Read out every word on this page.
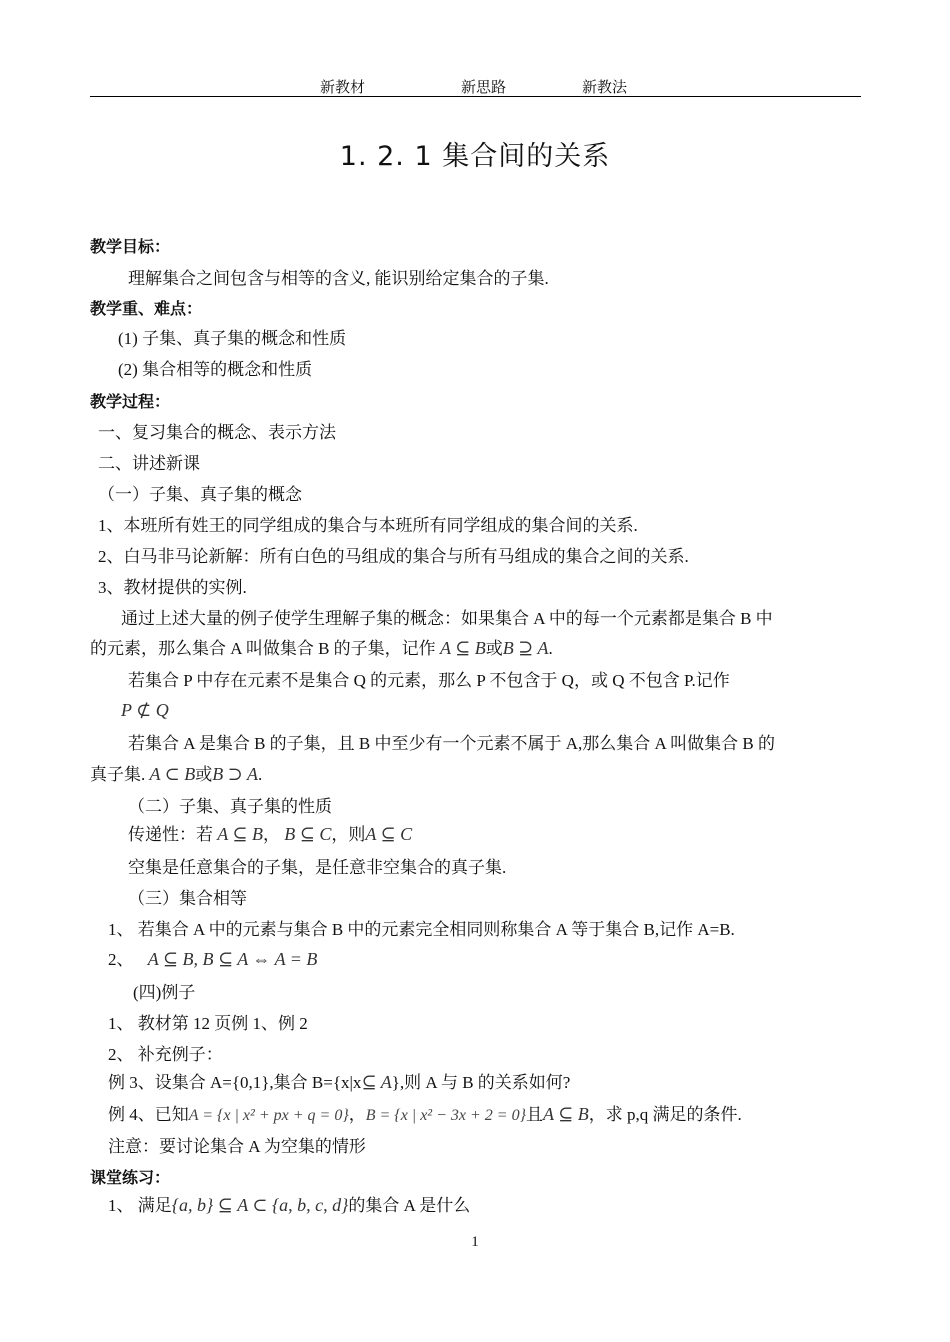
新教材	新思路	新教法
1. 2. 1 集合间的关系
教学目标：
理解集合之间包含与相等的含义, 能识别给定集合的子集.
教学重、难点：
(1) 子集、真子集的概念和性质
(2) 集合相等的概念和性质
教学过程：
一、复习集合的概念、表示方法
二、讲述新课
（一）子集、真子集的概念
1、本班所有姓王的同学组成的集合与本班所有同学组成的集合间的关系.
2、白马非马论新解：所有白色的马组成的集合与所有马组成的集合之间的关系.
3、教材提供的实例.
通过上述大量的例子使学生理解子集的概念：如果集合 A 中的每一个元素都是集合 B 中
的元素，那么集合 A 叫做集合 B 的子集，记作 A ⊆ B或B ⊇ A.
若集合 P 中存在元素不是集合 Q 的元素，那么 P 不包含于 Q，或 Q 不包含 P.记作
P ⊄ Q
若集合 A 是集合 B 的子集，且 B 中至少有一个元素不属于 A,那么集合 A 叫做集合 B 的
真子集. A ⊂ B或B ⊃ A.
（二）子集、真子集的性质
传递性：若 A ⊆ B， B ⊆ C，则A ⊆ C
空集是任意集合的子集，是任意非空集合的真子集.
（三）集合相等
1、 若集合 A 中的元素与集合 B 中的元素完全相同则称集合 A 等于集合 B,记作 A=B.
2、 A ⊆ B, B ⊆ A ⇔ A = B
(四)例子
1、 教材第 12 页例 1、例 2
2、 补充例子：
例 3、设集合 A={0,1},集合 B={x|x⊆ A},则 A 与 B 的关系如何?
例 4、已知A = {x | x² + px + q = 0}，B = {x | x² − 3x + 2 = 0}且A ⊆ B，求 p,q 满足的条件.
注意：要讨论集合 A 为空集的情形
课堂练习：
1、 满足{a, b} ⊆ A ⊂ {a, b, c, d}的集合 A 是什么
1
